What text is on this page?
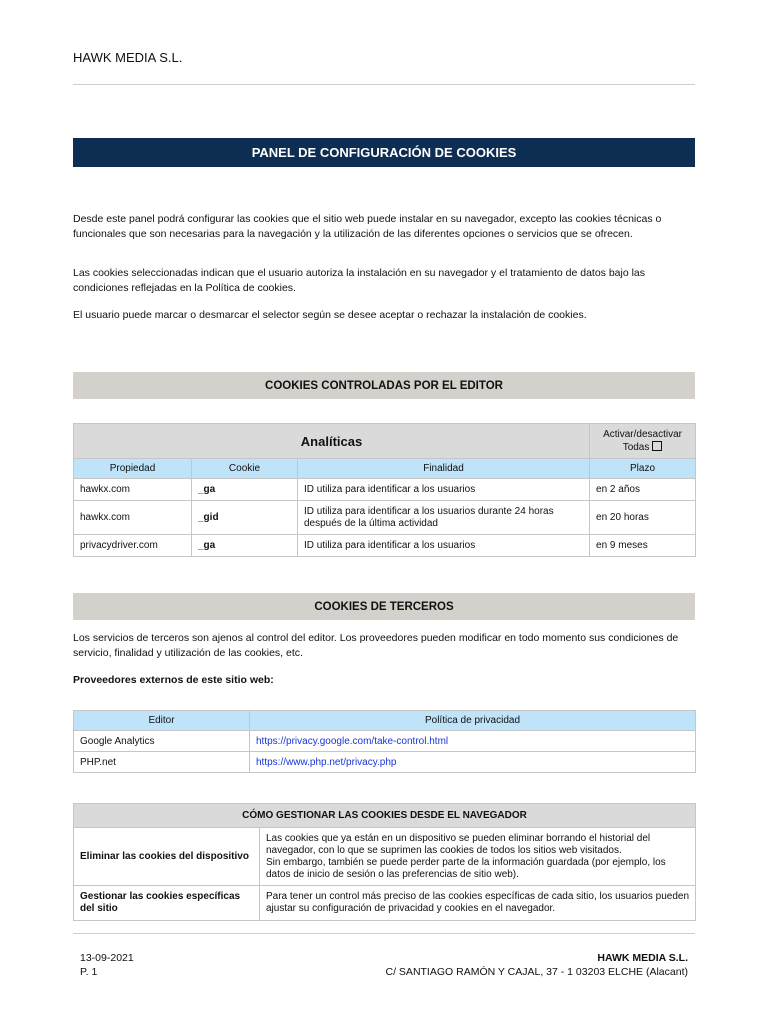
HAWK MEDIA S.L.
PANEL DE CONFIGURACIÓN DE COOKIES
Desde este panel podrá configurar las cookies que el sitio web puede instalar en su navegador, excepto las cookies técnicas o funcionales que son necesarias para la navegación y la utilización de las diferentes opciones o servicios que se ofrecen.
Las cookies seleccionadas indican que el usuario autoriza la instalación en su navegador y el tratamiento de datos bajo las condiciones reflejadas en la Política de cookies.
El usuario puede marcar o desmarcar el selector según se desee aceptar o rechazar la instalación de cookies.
COOKIES CONTROLADAS POR EL EDITOR
Analíticas			Activar/desactivar
Todas

Propiedad	Cookie	Finalidad	Plazo
hawkx.com	_ga	ID utiliza para identificar a los usuarios	en 2 años
hawkx.com	_gid	ID utiliza para identificar a los usuarios durante 24 horas después de la última actividad	en 20 horas
privacydriver.com	_ga	ID utiliza para identificar a los usuarios	en 9 meses
COOKIES DE TERCEROS
Los servicios de terceros son ajenos al control del editor. Los proveedores pueden modificar en todo momento sus condiciones de servicio, finalidad y utilización de las cookies, etc.
Proveedores externos de este sitio web:
Editor	Política de privacidad
Google Analytics	https://privacy.google.com/take-control.html
PHP.net	https://www.php.net/privacy.php
CÓMO GESTIONAR LAS COOKIES DESDE EL NAVEGADOR	
Eliminar las cookies del dispositivo	Las cookies que ya están en un dispositivo se pueden eliminar borrando el historial del navegador, con lo que se suprimen las cookies de todos los sitios web visitados.
Sin embargo, también se puede perder parte de la información guardada (por ejemplo, los datos de inicio de sesión o las preferencias de sitio web).

Gestionar las cookies específicas del sitio	Para tener un control más preciso de las cookies específicas de cada sitio, los usuarios pueden ajustar su configuración de privacidad y cookies en el navegador.
13-09-2021
P. 1
HAWK MEDIA S.L.
C/ SANTIAGO RAMÓN Y CAJAL, 37 - 1 03203 ELCHE (Alacant)
